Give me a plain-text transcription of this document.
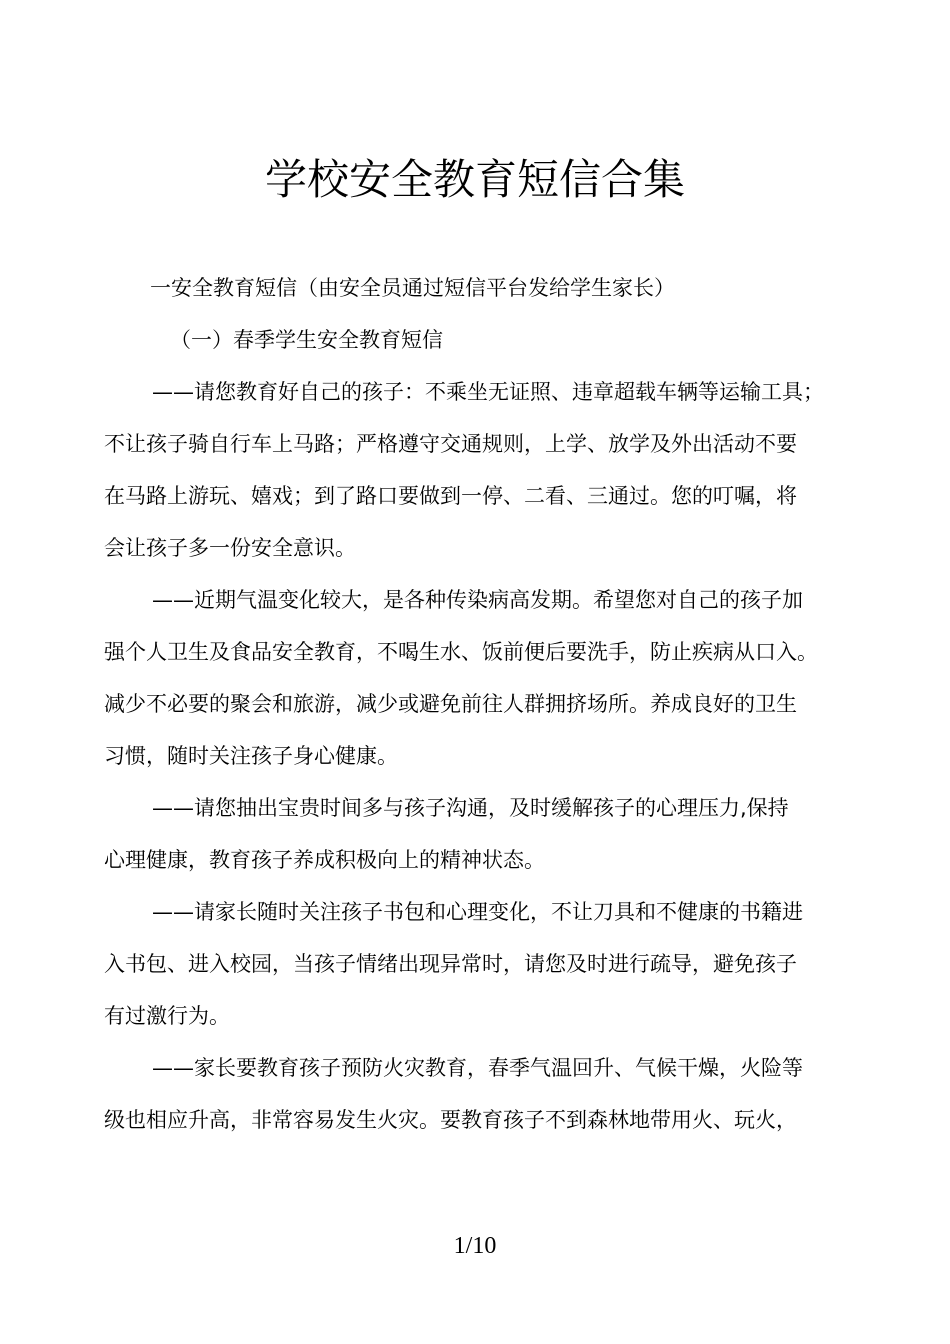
学校安全教育短信合集

一安全教育短信（由安全员通过短信平台发给学生家长）

（一）春季学生安全教育短信

——请您教育好自己的孩子：不乘坐无证照、违章超载车辆等运输工具；
不让孩子骑自行车上马路；严格遵守交通规则，上学、放学及外出活动不要
在马路上游玩、嬉戏；到了路口要做到一停、二看、三通过。您的叮嘱，将
会让孩子多一份安全意识。

——近期气温变化较大，是各种传染病高发期。希望您对自己的孩子加
强个人卫生及食品安全教育，不喝生水、饭前便后要洗手，防止疾病从口入。
减少不必要的聚会和旅游，减少或避免前往人群拥挤场所。养成良好的卫生
习惯，随时关注孩子身心健康。

——请您抽出宝贵时间多与孩子沟通，及时缓解孩子的心理压力,保持
心理健康，教育孩子养成积极向上的精神状态。

——请家长随时关注孩子书包和心理变化，不让刀具和不健康的书籍进
入书包、进入校园，当孩子情绪出现异常时，请您及时进行疏导，避免孩子
有过激行为。

——家长要教育孩子预防火灾教育，春季气温回升、气候干燥，火险等
级也相应升高，非常容易发生火灾。要教育孩子不到森林地带用火、玩火，

1/10
